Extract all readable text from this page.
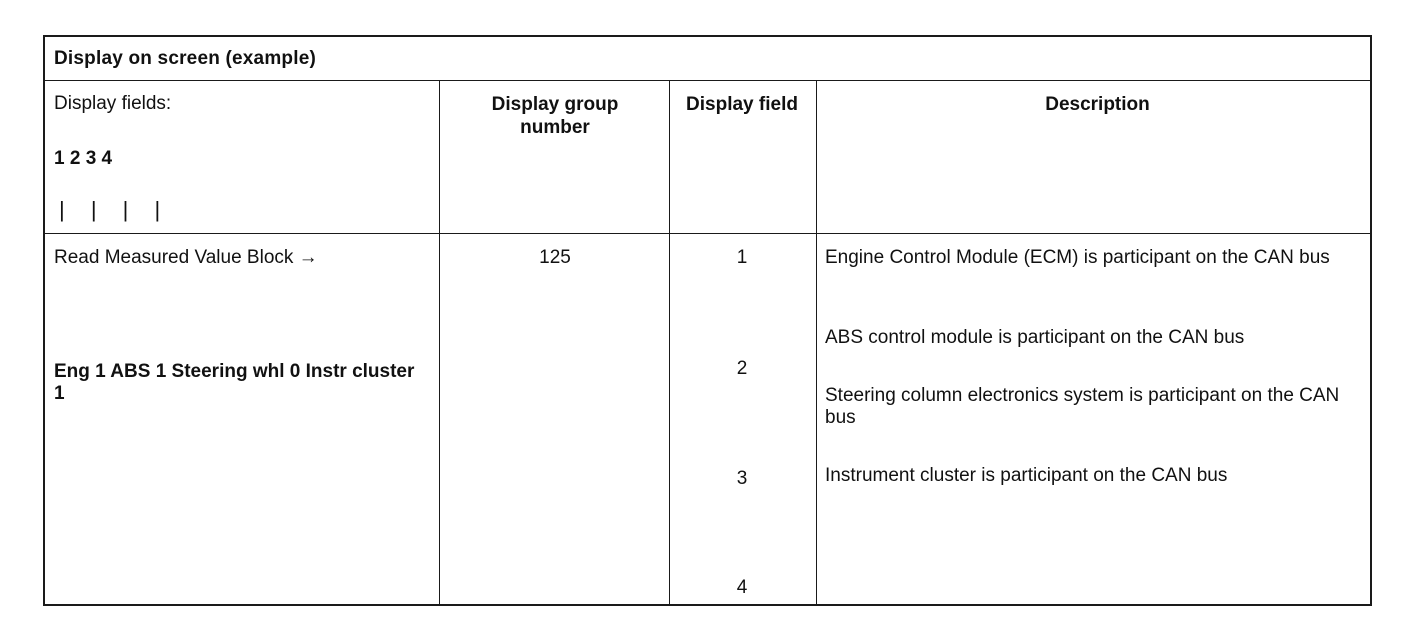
Display on screen (example)
Display fields:
1 2 3 4
| | | |
Display group number
Display field	Description
Read Measured Value Block →
Eng 1 ABS 1 Steering whl 0 Instr cluster 1
125	1
2
3
4
Engine Control Module (ECM) is participant on the CAN bus
ABS control module is participant on the CAN bus
Steering column electronics system is participant on the CAN bus
Instrument cluster is participant on the CAN bus
